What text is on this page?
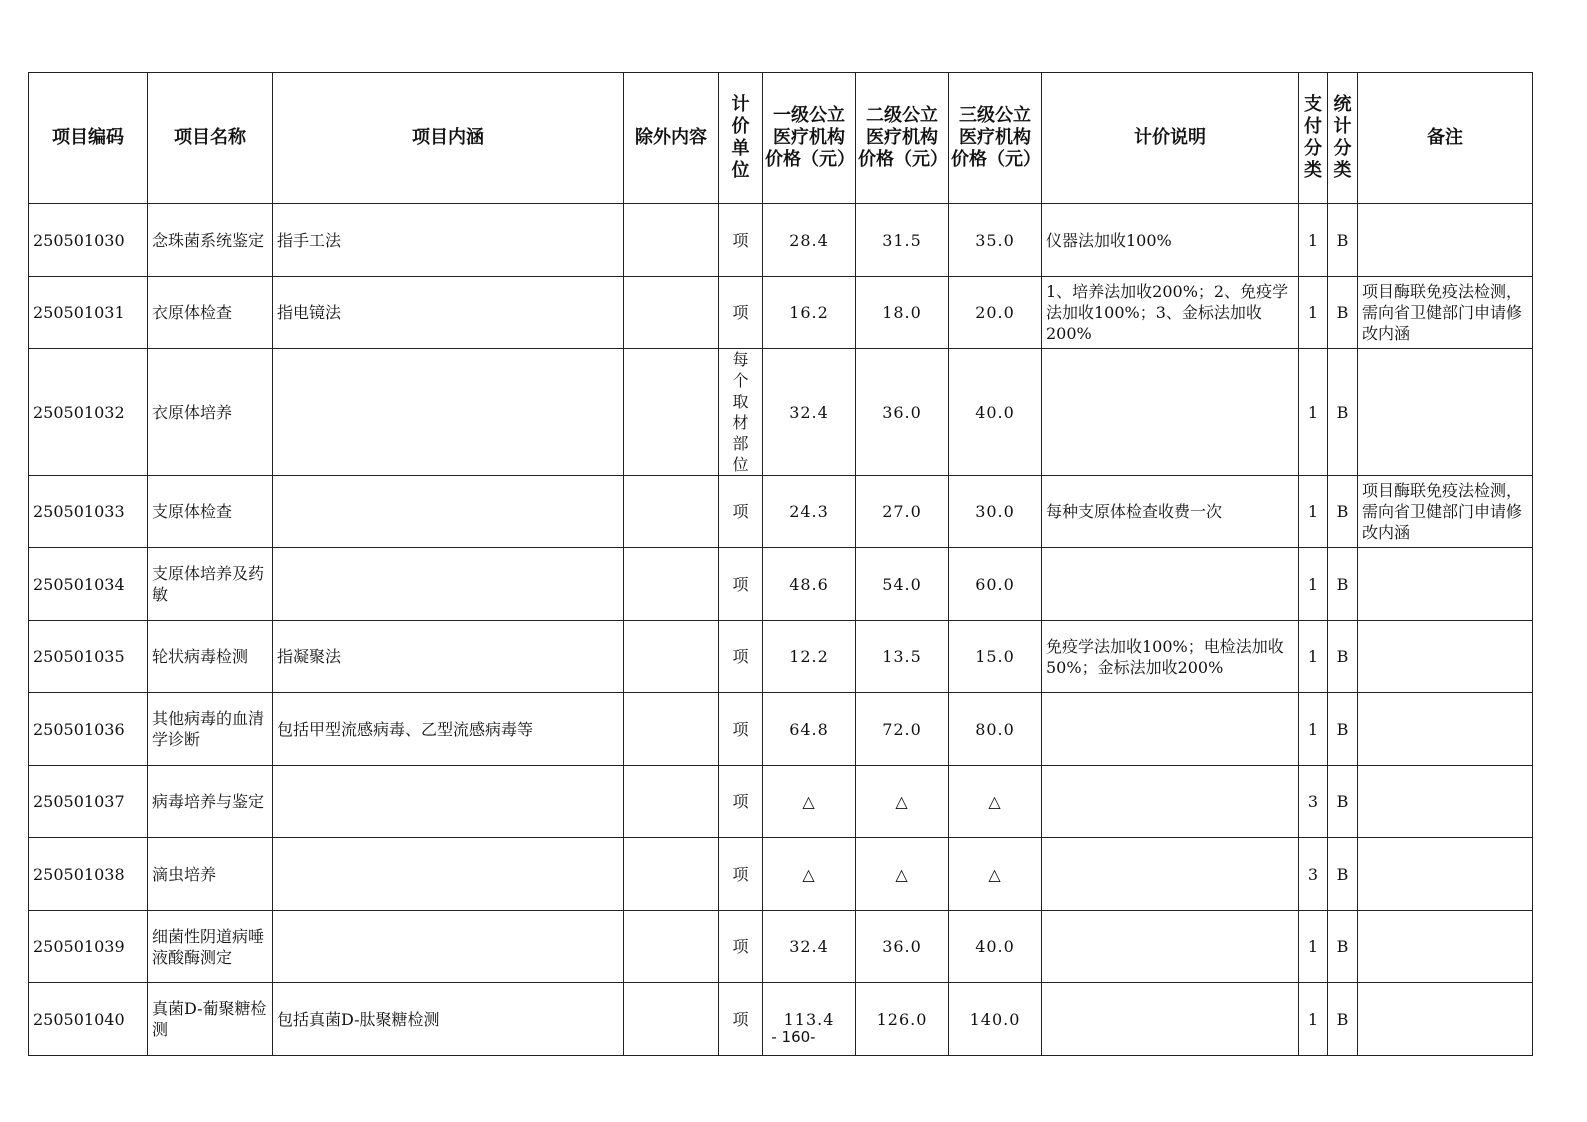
项目编码	项目名称	项目内涵	除外内容	计价单位	一级公立医疗机构价格（元）	二级公立医疗机构价格（元）	三级公立医疗机构价格（元）	计价说明	支付分类	统计分类	备注
250501030	念珠菌系统鉴定	指手工法		项	28.4	31.5	35.0	仪器法加收100%	1	B	
250501031	衣原体检查	指电镜法		项	16.2	18.0	20.0	1、培养法加收200%；2、免疫学法加收100%；3、金标法加收200%	1	B	项目酶联免疫法检测，需向省卫健部门申请修改内涵
250501032	衣原体培养			每个取材部位	32.4	36.0	40.0		1	B	
250501033	支原体检查			项	24.3	27.0	30.0	每种支原体检查收费一次	1	B	项目酶联免疫法检测，需向省卫健部门申请修改内涵
250501034	支原体培养及药敏			项	48.6	54.0	60.0		1	B	
250501035	轮状病毒检测	指凝聚法		项	12.2	13.5	15.0	免疫学法加收100%；电检法加收50%；金标法加收200%	1	B	
250501036	其他病毒的血清学诊断	包括甲型流感病毒、乙型流感病毒等		项	64.8	72.0	80.0		1	B	
250501037	病毒培养与鉴定			项	△	△	△		3	B	
250501038	滴虫培养			项	△	△	△		3	B	
250501039	细菌性阴道病唾液酸酶测定			项	32.4	36.0	40.0		1	B	
250501040	真菌D-葡聚糖检测	包括真菌D-肽聚糖检测		项	113.4	126.0	140.0		1	B	
- 160-
